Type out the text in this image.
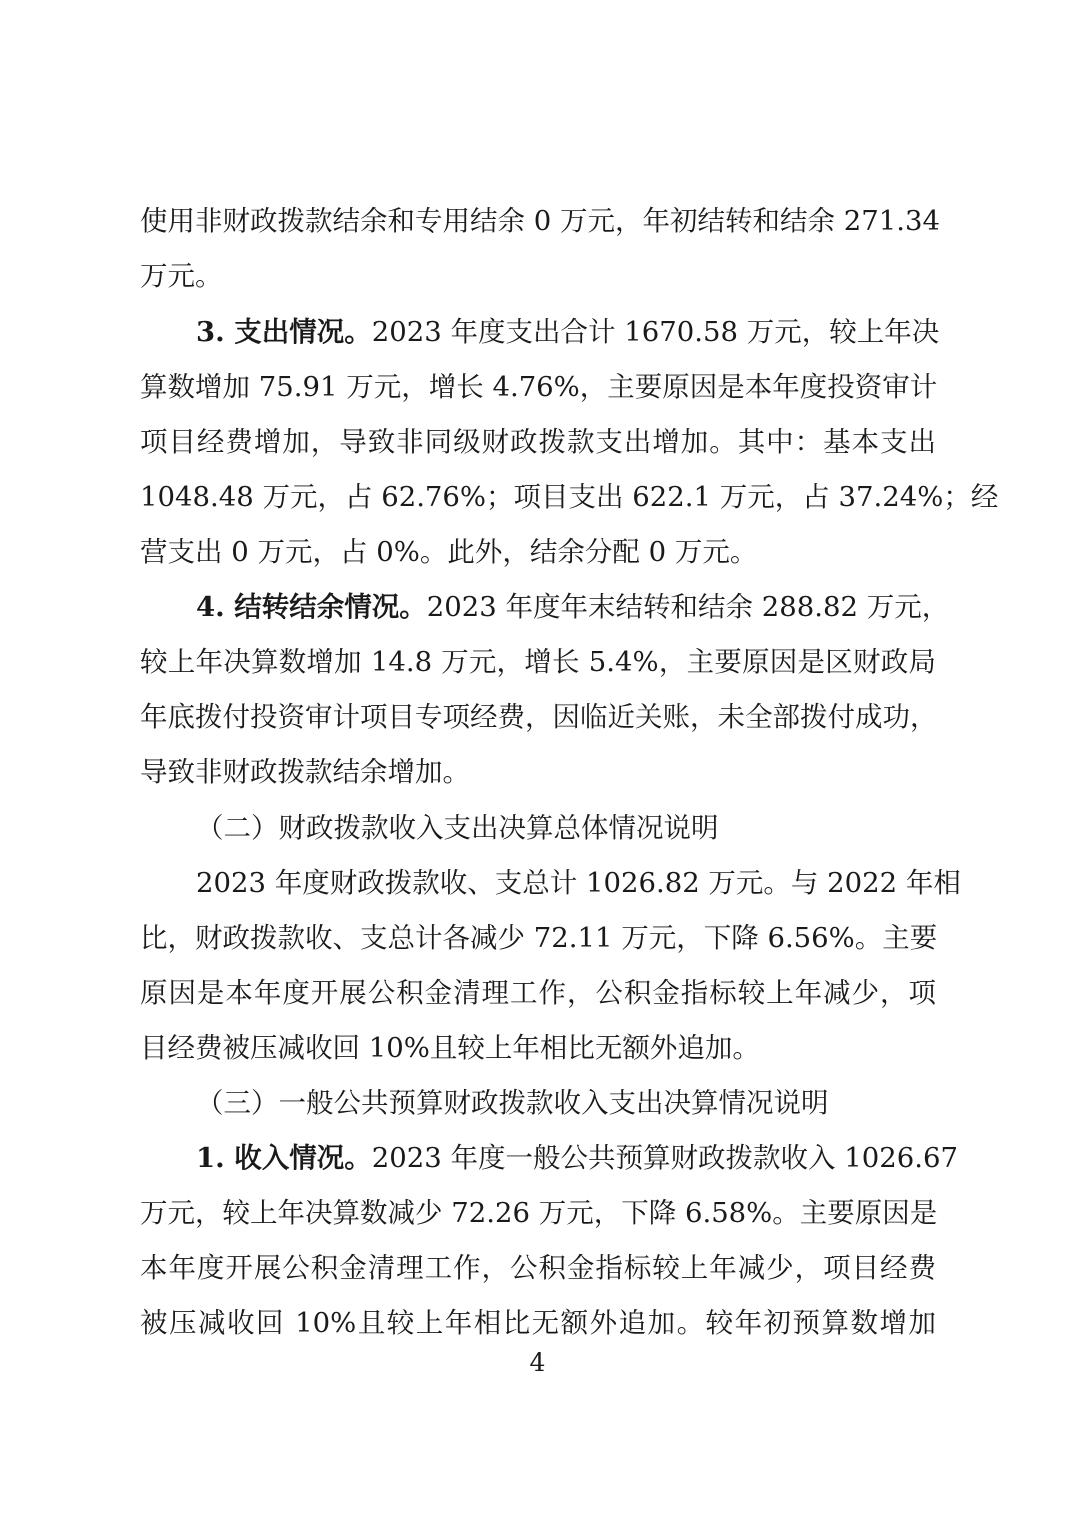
使用非财政拨款结余和专用结余 0 万元，年初结转和结余 271.34
万元。
3. 支出情况。2023 年度支出合计 1670.58 万元，较上年决
算数增加 75.91 万元，增长 4.76%，主要原因是本年度投资审计
项目经费增加，导致非同级财政拨款支出增加。其中：基本支出
1048.48 万元，占 62.76%；项目支出 622.1 万元，占 37.24%；经
营支出 0 万元，占 0%。此外，结余分配 0 万元。
4. 结转结余情况。2023 年度年末结转和结余 288.82 万元，
较上年决算数增加 14.8 万元，增长 5.4%，主要原因是区财政局
年底拨付投资审计项目专项经费，因临近关账，未全部拨付成功，
导致非财政拨款结余增加。
（二）财政拨款收入支出决算总体情况说明
2023 年度财政拨款收、支总计 1026.82 万元。与 2022 年相
比，财政拨款收、支总计各减少 72.11 万元，下降 6.56%。主要
原因是本年度开展公积金清理工作，公积金指标较上年减少，项
目经费被压减收回 10%且较上年相比无额外追加。
（三）一般公共预算财政拨款收入支出决算情况说明
1. 收入情况。2023 年度一般公共预算财政拨款收入 1026.67
万元，较上年决算数减少 72.26 万元，下降 6.58%。主要原因是
本年度开展公积金清理工作，公积金指标较上年减少，项目经费
被压减收回 10%且较上年相比无额外追加。较年初预算数增加
4
